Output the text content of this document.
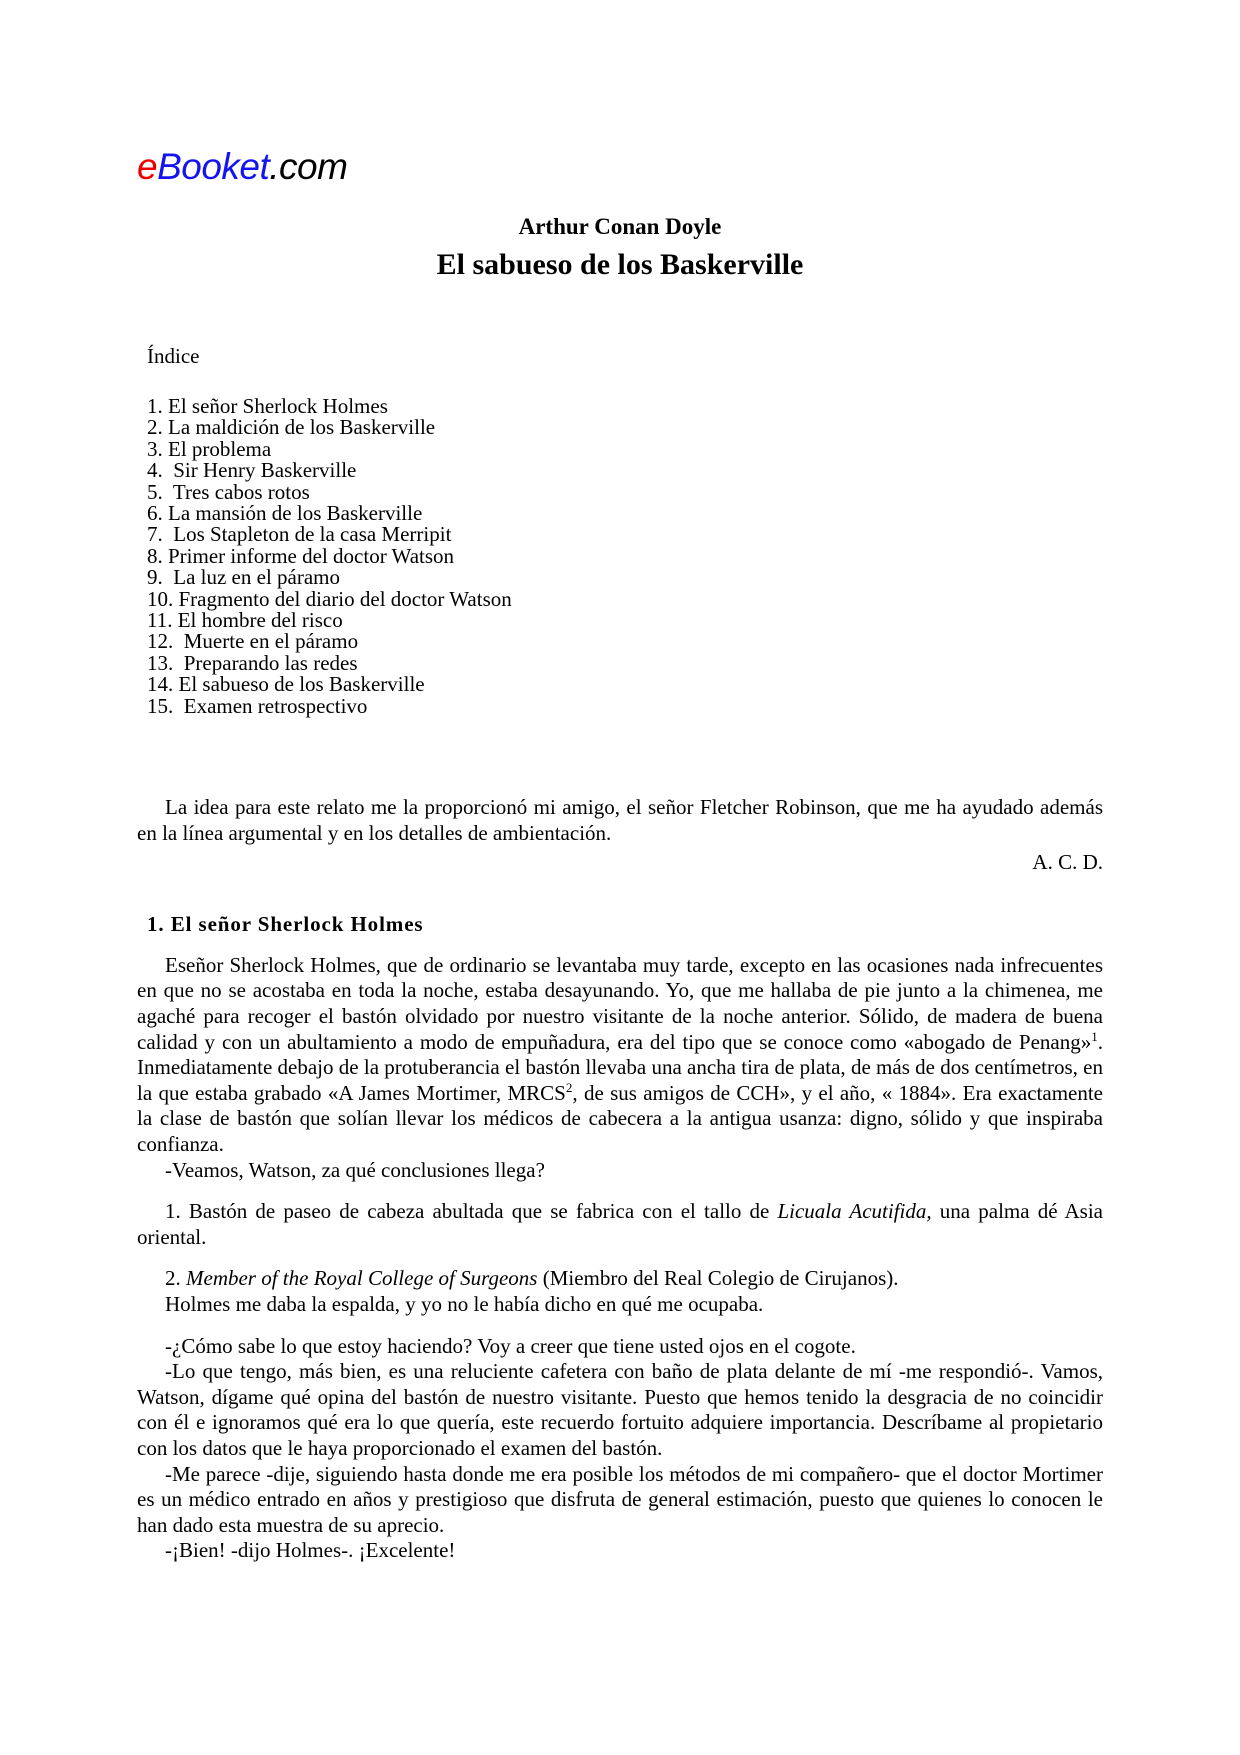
eBooket.com
Arthur Conan Doyle
El sabueso de los Baskerville
Índice
1. El señor Sherlock Holmes
2. La maldición de los Baskerville
3. El problema
4.  Sir Henry Baskerville
5.  Tres cabos rotos
6. La mansión de los Baskerville
7.  Los Stapleton de la casa Merripit
8. Primer informe del doctor Watson
9.  La luz en el páramo
10. Fragmento del diario del doctor Watson
11. El hombre del risco
12.  Muerte en el páramo
13.  Preparando las redes
14. El sabueso de los Baskerville
15.  Examen retrospectivo

La idea para este relato me la proporcionó mi amigo, el señor Fletcher Robinson, que me ha ayudado además en la línea argumental y en los detalles de ambientación.

A. C. D.
1. El señor Sherlock Holmes

Eseñor Sherlock Holmes, que de ordinario se levantaba muy tarde, excepto en las ocasiones nada infrecuentes en que no se acostaba en toda la noche, estaba desayunando. Yo, que me hallaba de pie junto a la chimenea, me agaché para recoger el bastón olvidado por nuestro visitante de la noche anterior. Sólido, de madera de buena calidad y con un abultamiento a modo de empuñadura, era del tipo que se conoce como «abogado de Penang»$^1$. Inmediatamente debajo de la protuberancia el bastón llevaba una ancha tira de plata, de más de dos centímetros, en la que estaba grabado «A James Mortimer, MRCS$^2$, de sus amigos de CCH», y el año, « 1884». Era exactamente la clase de bastón que solían llevar los médicos de cabecera a la antigua usanza: digno, sólido y que inspiraba confianza.

-Veamos, Watson, za qué conclusiones llega?

1. Bastón de paseo de cabeza abultada que se fabrica con el tallo de Licuala Acutifida, una palma dé Asia oriental.

2. Member of the Royal College of Surgeons (Miembro del Real Colegio de Cirujanos).

Holmes me daba la espalda, y yo no le había dicho en qué me ocupaba.

-¿Cómo sabe lo que estoy haciendo? Voy a creer que tiene usted ojos en el cogote.

-Lo que tengo, más bien, es una reluciente cafetera con baño de plata delante de mí -me respondió-. Vamos, Watson, dígame qué opina del bastón de nuestro visitante. Puesto que hemos tenido la desgracia de no coincidir con él e ignoramos qué era lo que quería, este recuerdo fortuito adquiere importancia. Descríbame al propietario con los datos que le haya proporcionado el examen del bastón.

-Me parece -dije, siguiendo hasta donde me era posible los métodos de mi compañero- que el doctor Mortimer es un médico entrado en años y prestigioso que disfruta de general estimación, puesto que quienes lo conocen le han dado esta muestra de su aprecio.

-¡Bien! -dijo Holmes-. ¡Excelente!
